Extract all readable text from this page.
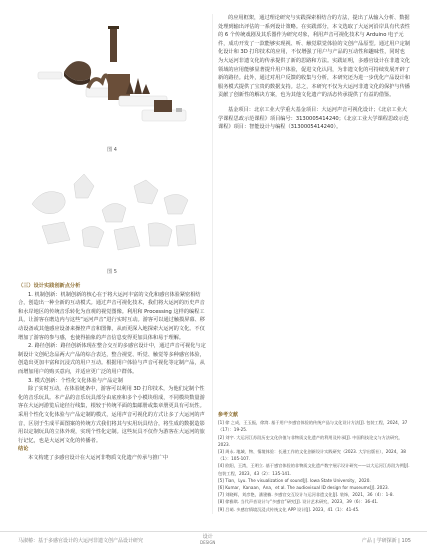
图 4
图 5
（三）设计实践创新点分析

1. 机制创新：机制创新的核心在于将大运河丰富的文化和感官体验紧密相结合，创造出一种全新的互动模式。通过声音可视化技术，我们将大运河的历史声音和水岸地区的传统音乐转化为直观的视觉图像。利用和 Processing 这样的编程工具，让游客在磨边内与这些“运河声音”进行实时互动。游客可以通过触摸屏幕、移动设备或其他感应设备来操控声音和图像，从而更深入地探索大运河的文化。不仅增加了游客的参与感，也使得抽象的声音信息变得更加具体和易于理解。

2. 路径创新：路径创新体现在整合交互的多感官设计中，通过声音可视化与定制设计文创纪念品两大产品的综合表达，整合视觉、听觉、触觉等多种感官体验，创造出更加丰富和沉浸式的用户互动。根据用户体验与声音可视化等定制产品，从而增加用户的购买意向，并适应更广泛的用户群体。

3. 模式创新：个性化文化体验与产品定制

除了实时互动，在体验链条中，游客可以利用 3D 打印技术，为他们定制个性化的音乐玩具。本产品的音乐玩具部分由底座和多个小模块组成，不同模块数量游客在大运河游览后途径行线集，根较于传统平面的集邮册或集章册更具有可玩性。采用个性化文化体验与产品定制的模式，运用声音可视化的方式让多了大运河的声音，区别于生成平面图案的传统方式我们将其与实用玩具结合，将生成的数据造影用以定制玩具的立体外观，实现个性化定制。这些玩具不仅作为游客在大运河的旅行记忆，也是大运河文化的传播者。

结论

本文构建了多感官设计在大运河非物质文化遗产传承与推广中

的应用框架，通过理论研究与实践探索相结合的方法，提出了从输入分析、数据处理到输出评估的一系列设计策略。在实践部分，本文选取了大运河沿岸具有代表性的 6 个传统戏剧及其乐器作为研究对象，利用声音可视化技术与 Arduino 电子元件，成功开发了一款能够实现视、听、触觉联觉体验的文创产品原型。通过用户定制化设计和 3D 打印技术的应用，不仅增强了用户与产品的互动性和趣味性，同时也为大运河非遗文化的传承提供了新的思路和方法。实践证明，多感官设计在非遗文化领域的应用能够显著提升用户体验，促进文化认同，为非遗文化的可持续发展开辟了新的路径。此外，通过对用户反馈的收集与分析，本研究还为进一步优化产品设计和服务模式提供了宝贵的数据支持。总之，本研究不仅为大运河非遗文化的保护与传播贡献了创新性的解决方案，也为其他文化遗产的活态传承提供了有益的借鉴。

基金项目：北京工业大学重大基金项目：大运河声音可视化设计；《北京工业大学课程思政示范课程》项目编号：3130005414240；《北京工业大学课程思政示范课程》项目：智能设计与编程（3130005414240）。

参考文献
[1] 徐 之成，王玉振，徐湾. 基于用户多感官体验的传统产品与文化设计方法[J]. 包装工程，2024，37（17）：19-25.
[2] 刘宇. 大运河江苏段历史文化价值与非物质文化遗产的利用及传承[J]. 中国科技论文与方法研究，2023.
[3] 周永. 地域、物、情境体验：长通工作的文化创新设计实践研究（2023. 大学出版社），2024，38（1）：105-107.
[4] 欧阳，王湾，王明立. 基于感官体验的非物质文化遗产数字展示设计研究——以大运河江苏段为例[J]. 包装工程，2023，43（2）：135-141.
[5] Tian，Lyu. The visualization of sound[J]. Iowa State University，2020.
[6] Kumar，Kanaan，Ana，et al. The audiovisual ID design for museums[J]. 2023.
[7] 刘晓辉，刘彦艳，潘建楠. 多感官交互设计与运河非遗文化[J]. 装饰，2021，36（4）：1-8.
[8] 徐雅琪. 当代声音设计与“多感官”研究[J]. 设计艺术研究，2023，39（6）：36-41.
[9] 吕萌. 多感官情境沉浸式传统文化 APP 设计[J]. 2023，41（1）：41-45.
马淑椿：基于多感官设计的大运河非遗文创产品设计研究
设计
DESIGN	产品 | 学研探新 | 105
